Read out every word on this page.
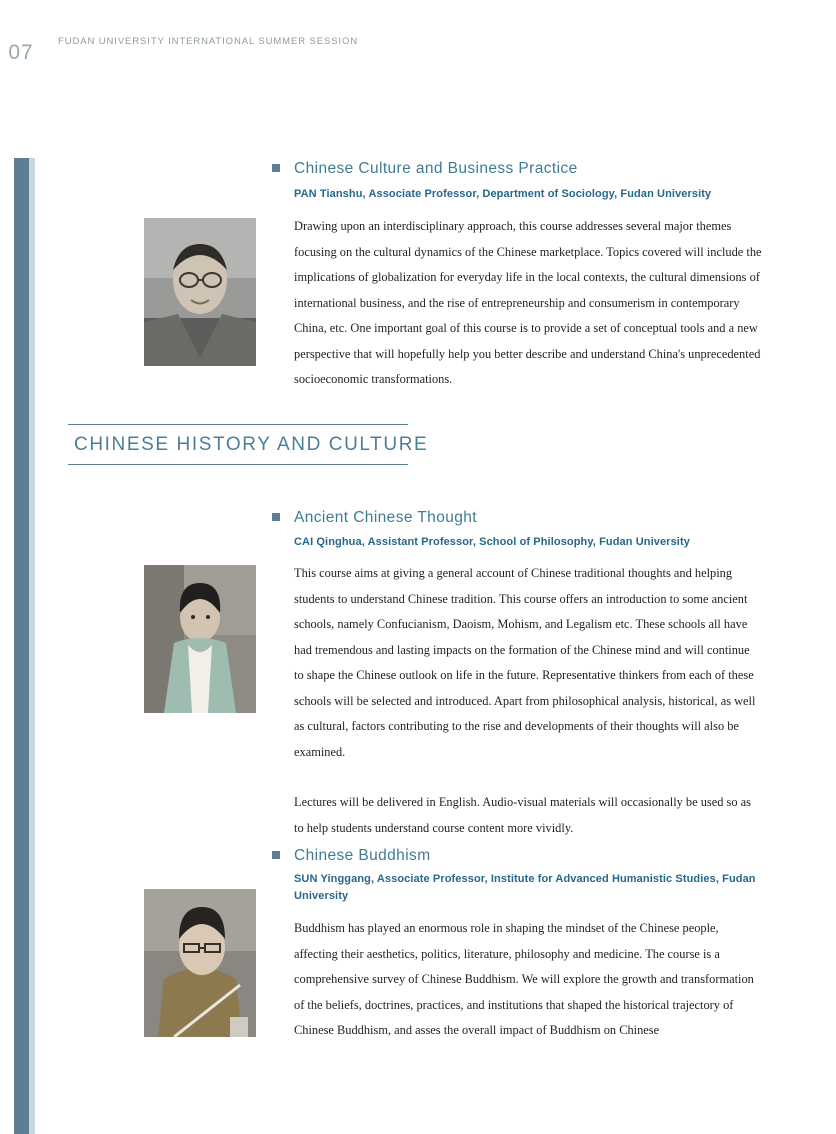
07	FUDAN UNIVERSITY INTERNATIONAL SUMMER SESSION
Chinese Culture and Business Practice
PAN Tianshu, Associate Professor, Department of Sociology, Fudan University

Drawing upon an interdisciplinary approach, this course addresses several major themes focusing on the cultural dynamics of the Chinese marketplace. Topics covered will include the implications of globalization for everyday life in the local contexts, the cultural dimensions of international business, and the rise of entrepreneurship and consumerism in contemporary China, etc. One important goal of this course is to provide a set of conceptual tools and a new perspective that will hopefully help you better describe and understand China's unprecedented socioeconomic transformations.

CHINESE HISTORY AND CULTURE
Ancient Chinese Thought
CAI Qinghua, Assistant Professor, School of Philosophy, Fudan University

This course aims at giving a general account of Chinese traditional thoughts and helping students to understand Chinese tradition. This course offers an introduction to some ancient schools, namely Confucianism, Daoism, Mohism, and Legalism etc. These schools all have had tremendous and lasting impacts on the formation of the Chinese mind and will continue to shape the Chinese outlook on life in the future. Representative thinkers from each of these schools will be selected and introduced. Apart from philosophical analysis, historical, as well as cultural, factors contributing to the rise and developments of their thoughts will also be examined.

Lectures will be delivered in English. Audio-visual materials will occasionally be used so as to help students understand course content more vividly.

Chinese Buddhism
SUN Yinggang, Associate Professor, Institute for Advanced Humanistic Studies, Fudan University

Buddhism has played an enormous role in shaping the mindset of the Chinese people, affecting their aesthetics, politics, literature, philosophy and medicine. The course is a comprehensive survey of Chinese Buddhism. We will explore the growth and transformation of the beliefs, doctrines, practices, and institutions that shaped the historical trajectory of Chinese Buddhism, and asses the overall impact of Buddhism on Chinese
